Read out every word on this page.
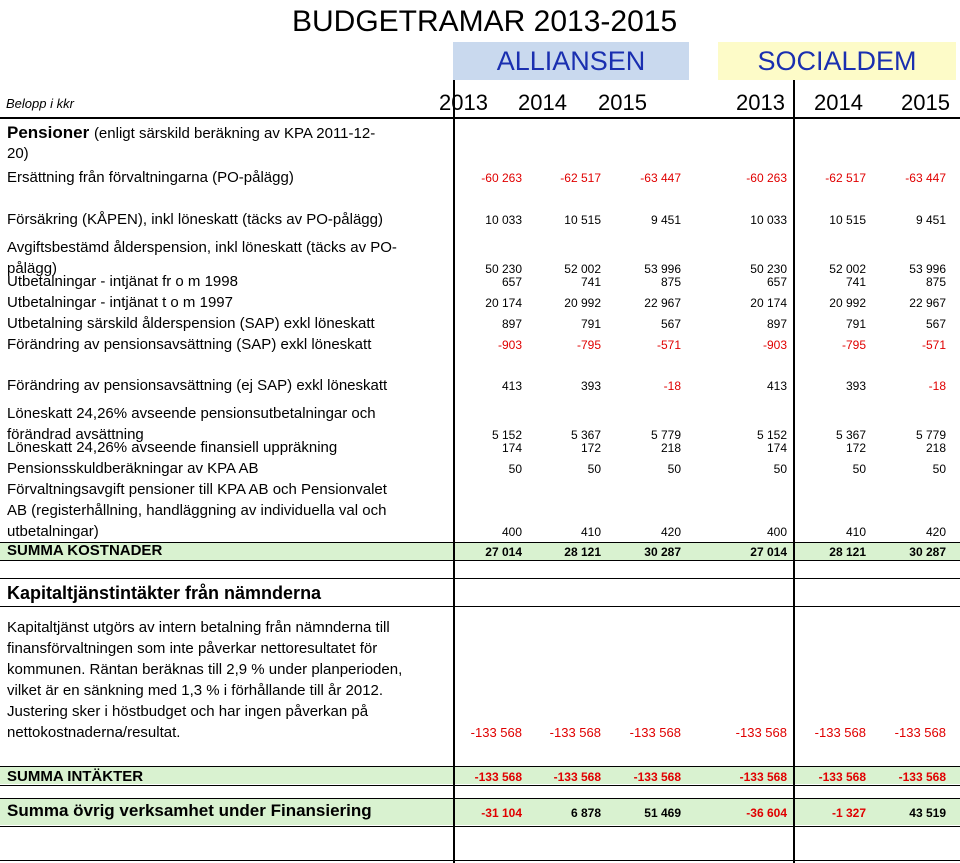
BUDGETRAMAR 2013-2015
ALLIANSEN	SOCIALDEM
Belopp i kkr	2013	2014	2015	2013	2014	2015
Pensioner (enligt särskild beräkning av KPA 2011-12-
20)
Ersättning från förvaltningarna (PO-pålägg)	-60 263	-62 517	-63 447	-60 263	-62 517	-63 447
Försäkring (KÅPEN), inkl löneskatt (täcks av PO-pålägg)	10 033	10 515	9 451	10 033	10 515	9 451
Avgiftsbestämd ålderspension, inkl löneskatt (täcks av PO-
pålägg)	50 230	52 002	53 996	50 230	52 002	53 996
Utbetalningar - intjänat fr o m 1998	657	741	875	657	741	875
Utbetalningar - intjänat t o m 1997	20 174	20 992	22 967	20 174	20 992	22 967
Utbetalning särskild ålderspension (SAP) exkl löneskatt	897	791	567	897	791	567
Förändring av pensionsavsättning (SAP) exkl löneskatt	-903	-795	-571	-903	-795	-571
Förändring av pensionsavsättning (ej SAP) exkl löneskatt	413	393	-18	413	393	-18
Löneskatt 24,26% avseende pensionsutbetalningar och
förändrad avsättning	5 152	5 367	5 779	5 152	5 367	5 779
Löneskatt 24,26% avseende finansiell uppräkning	174	172	218	174	172	218
Pensionsskuldberäkningar av KPA AB	50	50	50	50	50	50
Förvaltningsavgift pensioner till KPA AB och Pensionvalet
AB (registerhållning, handläggning av individuella val och
utbetalningar)	400	410	420	400	410	420
SUMMA KOSTNADER	27 014	28 121	30 287	27 014	28 121	30 287
Kapitaltjänstintäkter från nämnderna
Kapitaltjänst utgörs av intern betalning från nämnderna till
finansförvaltningen som inte påverkar nettoresultatet för
kommunen. Räntan beräknas till 2,9 % under planperioden,
vilket är en sänkning med 1,3 % i förhållande till år 2012.
Justering sker i höstbudget och har ingen påverkan på
nettokostnaderna/resultat.	-133 568	-133 568	-133 568	-133 568	-133 568	-133 568
SUMMA INTÄKTER	-133 568	-133 568	-133 568	-133 568	-133 568	-133 568
Summa övrig verksamhet under Finansiering	-31 104	6 878	51 469	-36 604	-1 327	43 519
